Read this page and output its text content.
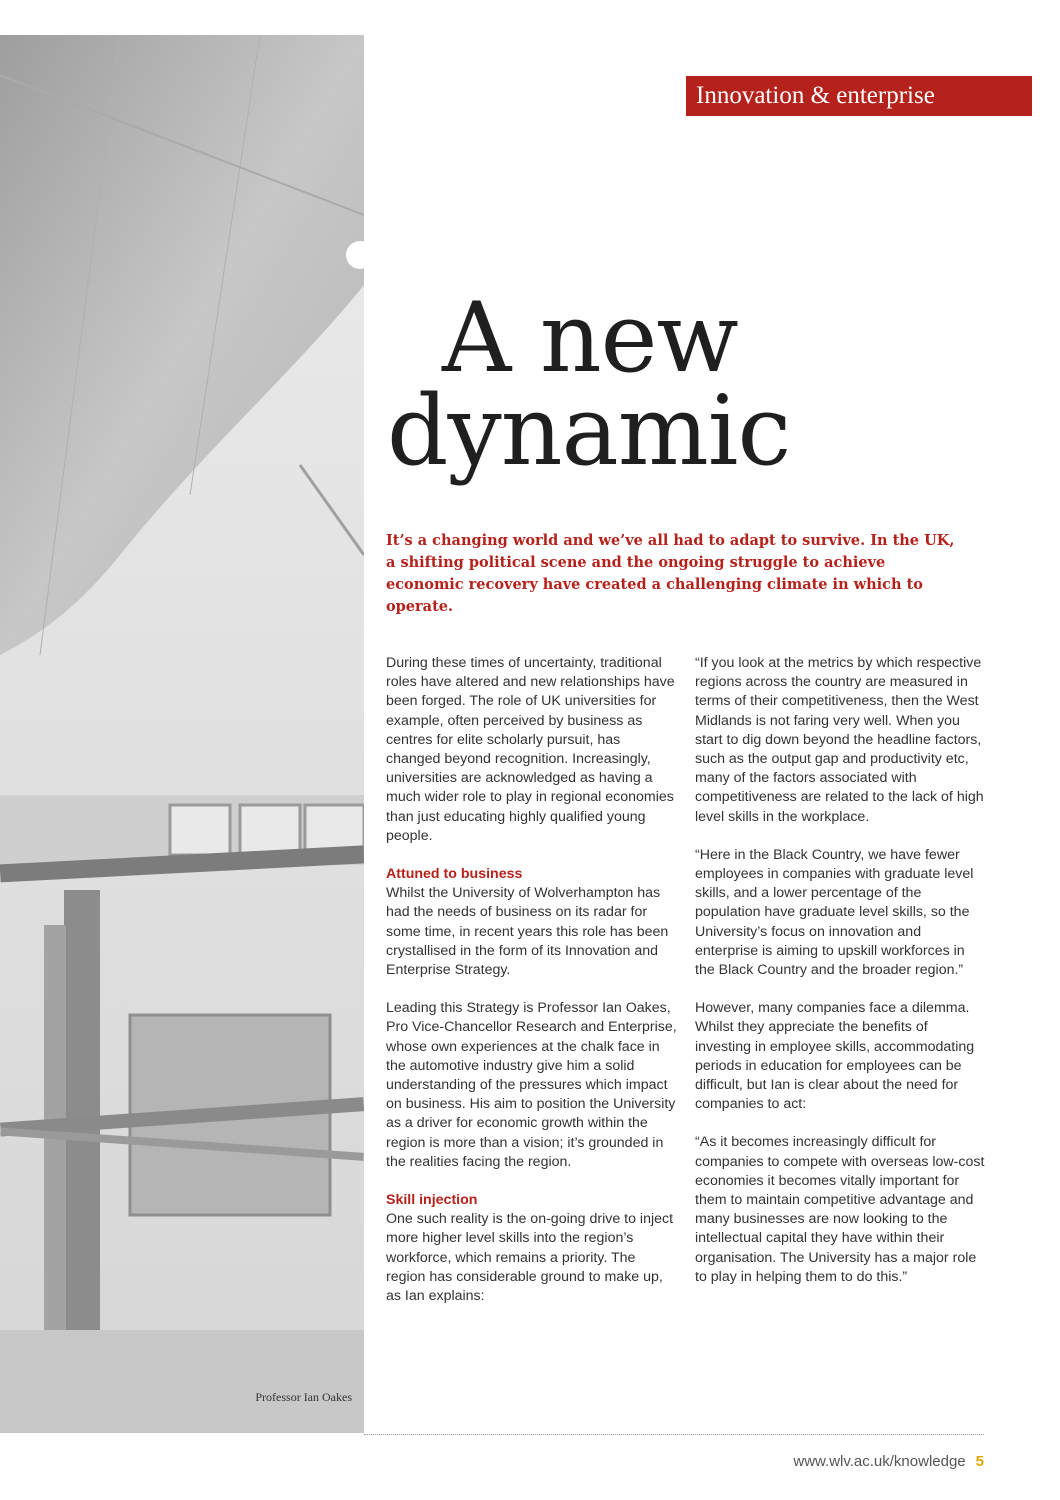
Professor Ian Oakes
Innovation & enterprise
A new
dynamic

It’s a changing world and we’ve all had to adapt to survive. In the UK, a shifting political scene and the ongoing struggle to achieve economic recovery have created a challenging climate in which to operate.

During these times of uncertainty, traditional roles have altered and new relationships have been forged. The role of UK universities for example, often perceived by business as centres for elite scholarly pursuit, has changed beyond recognition. Increasingly, universities are acknowledged as having a much wider role to play in regional economies than just educating highly qualified young people.

Attuned to business
Whilst the University of Wolverhampton has had the needs of business on its radar for some time, in recent years this role has been crystallised in the form of its Innovation and Enterprise Strategy.

Leading this Strategy is Professor Ian Oakes, Pro Vice-Chancellor Research and Enterprise, whose own experiences at the chalk face in the automotive industry give him a solid understanding of the pressures which impact on business. His aim to position the University as a driver for economic growth within the region is more than a vision; it’s grounded in the realities facing the region.

Skill injection
One such reality is the on-going drive to inject more higher level skills into the region’s workforce, which remains a priority. The region has considerable ground to make up, as Ian explains:

“If you look at the metrics by which respective regions across the country are measured in terms of their competitiveness, then the West Midlands is not faring very well. When you start to dig down beyond the headline factors, such as the output gap and productivity etc, many of the factors associated with competitiveness are related to the lack of high level skills in the workplace.

“Here in the Black Country, we have fewer employees in companies with graduate level skills, and a lower percentage of the population have graduate level skills, so the University’s focus on innovation and enterprise is aiming to upskill workforces in the Black Country and the broader region.”

However, many companies face a dilemma. Whilst they appreciate the benefits of investing in employee skills, accommodating periods in education for employees can be difficult, but Ian is clear about the need for companies to act:

“As it becomes increasingly difficult for companies to compete with overseas low-cost economies it becomes vitally important for them to maintain competitive advantage and many businesses are now looking to the intellectual capital they have within their organisation. The University has a major role to play in helping them to do this.”

www.wlv.ac.uk/knowledge 5
